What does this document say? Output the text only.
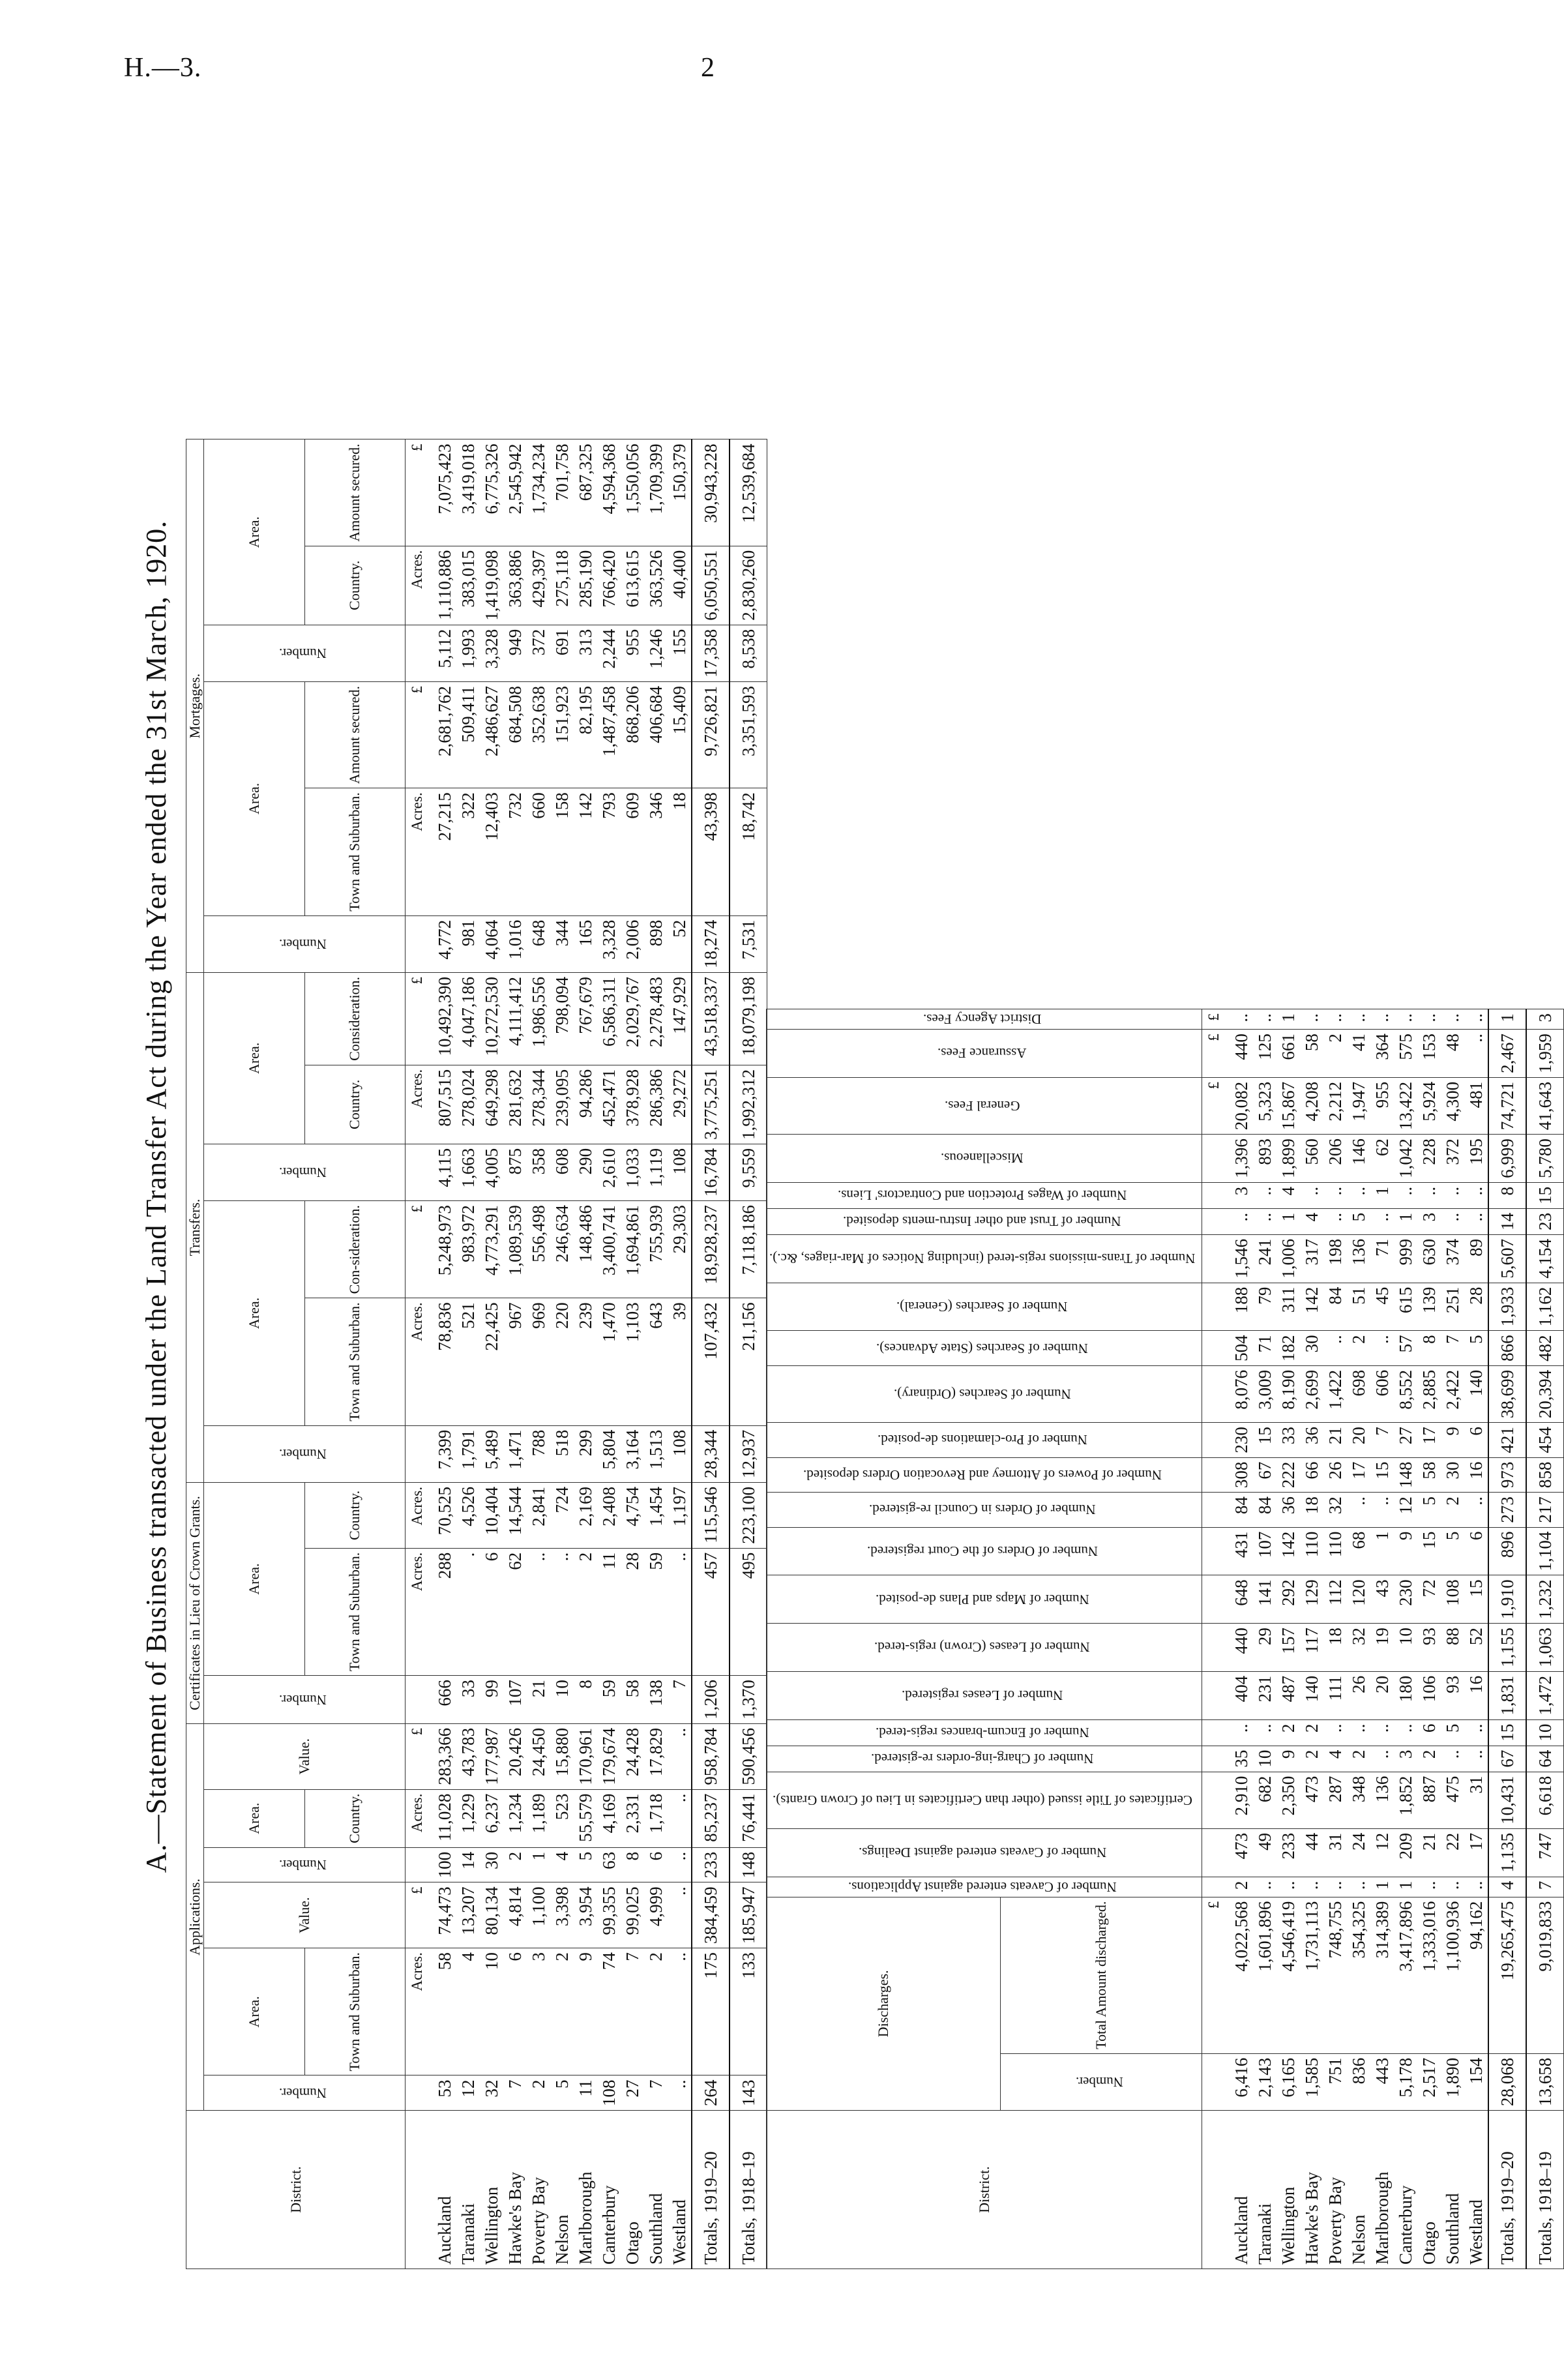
H.—3.	2
A.—Statement of Business transacted under the Land Transfer Act during the Year ended the 31st March, 1920.
District.	Applications.						Certificates in Lieu of Crown Grants.			Transfers.						Mortgages.					
	Number.	Area.	Value.	Number.	Area.	Value.	Number.	Area.		Number.	Area.		Number.	Area.		Number.	Area.		Number.	Area.	
		Town and Suburban.			Country.			Town and Suburban.	Country.		Town and Suburban.	Con-sideration.		Country.	Consideration.		Town and Suburban.	Amount secured.		Country.	Amount secured.
		Acres.	£		Acres.	£		Acres.	Acres.		Acres.	£		Acres.	£		Acres.	£		Acres.	£
Auckland	53	58	74,473	100	11,028	283,366	666	288	70,525	7,399	78,836	5,248,973	4,115	807,515	10,492,390	4,772	27,215	2,681,762	5,112	1,110,886	7,075,423
Taranaki	12	4	13,207	14	1,229	43,783	33	.	4,526	1,791	521	983,972	1,663	278,024	4,047,186	981	322	509,411	1,993	383,015	3,419,018
Wellington	32	10	80,134	30	6,237	177,987	99	6	10,404	5,489	22,425	4,773,291	4,005	649,298	10,272,530	4,064	12,403	2,486,627	3,328	1,419,098	6,775,326
Hawke's Bay	7	6	4,814	2	1,234	20,426	107	62	14,544	1,471	967	1,089,539	875	281,632	4,111,412	1,016	732	684,508	949	363,886	2,545,942
Poverty Bay	2	3	1,100	1	1,189	24,450	21	..	2,841	788	969	556,498	358	278,344	1,986,556	648	660	352,638	372	429,397	1,734,234
Nelson	5	2	3,398	4	523	15,880	10	..	724	518	220	246,634	608	239,095	798,094	344	158	151,923	691	275,118	701,758
Marlborough	11	9	3,954	5	55,579	170,961	8	2	2,169	299	239	148,486	290	94,286	767,679	165	142	82,195	313	285,190	687,325
Canterbury	108	74	99,355	63	4,169	179,674	59	11	2,408	5,804	1,470	3,400,741	2,610	452,471	6,586,311	3,328	793	1,487,458	2,244	766,420	4,594,368
Otago	27	7	99,025	8	2,331	24,428	58	28	4,754	3,164	1,103	1,694,861	1,033	378,928	2,029,767	2,006	609	868,206	955	613,615	1,550,056
Southland	7	2	4,999	6	1,718	17,829	138	59	1,454	1,513	643	755,939	1,119	286,386	2,278,483	898	346	406,684	1,246	363,526	1,709,399
Westland	..	..	..	..	..	..	7	..	1,197	108	39	29,303	108	29,272	147,929	52	18	15,409	155	40,400	150,379
Totals, 1919–20	264	175	384,459	233	85,237	958,784	1,206	457	115,546	28,344	107,432	18,928,237	16,784	3,775,251	43,518,337	18,274	43,398	9,726,821	17,358	6,050,551	30,943,228
Totals, 1918–19	143	133	185,947	148	76,441	590,456	1,370	495	223,100	12,937	21,156	7,118,186	9,559	1,992,312	18,079,198	7,531	18,742	3,351,593	8,538	2,830,260	12,539,684
District.	Discharges.		Number of Caveats entered against Applications.	Number of Caveats entered against Dealings.	Certificates of Title issued (other than Certificates in Lieu of Crown Grants).	Number of Charg-ing-orders re-gistered.	Number of Encum-brances regis-tered.	Number of Leases registered.	Number of Leases (Crown) regis-tered.	Number of Maps and Plans de-posited.	Number of Orders of the Court registered.	Number of Orders in Council re-gistered.	Number of Powers of Attorney and Revocation Orders deposited.	Number of Pro-clamations de-posited.	Number of Searches (Ordinary).	Number of Searches (State Advances).	Number of Searches (General).	Number of Trans-missions regis-tered (including Notices of Mar-riages, &c.).	Number of Trust and other Instru-ments deposited.	Number of Wages Protection and Contractors' Liens.	Miscellaneous.	General Fees.	Assurance Fees.	District Agency Fees.
	Number.	Total Amount discharged.																						
		£																				£	£	£
Auckland	6,416	4,022,568	2	473	2,910	35	..	404	440	648	431	84	308	230	8,076	504	188	1,546	..	3	1,396	20,082	440	..
Taranaki	2,143	1,601,896	..	49	682	10	..	231	29	141	107	84	67	15	3,009	71	79	241	..	..	893	5,323	125	..
Wellington	6,165	4,546,419	..	233	2,350	9	2	487	157	292	142	36	222	33	8,190	182	311	1,006	1	4	1,899	15,867	661	1
Hawke's Bay	1,585	1,731,113	..	44	473	2	2	140	117	129	110	18	66	36	2,699	30	142	317	4	..	560	4,208	58	..
Poverty Bay	751	748,755	..	31	287	4	..	111	18	112	110	32	26	21	1,422	..	84	198	..	..	206	2,212	2	..
Nelson	836	354,325	..	24	348	2	..	26	32	120	68	..	17	20	698	2	51	136	5	..	146	1,947	41	..
Marlborough	443	314,389	1	12	136	..	..	20	19	43	1	..	15	7	606	..	45	71	..	1	62	955	364	..
Canterbury	5,178	3,417,896	1	209	1,852	3	..	180	10	230	9	12	148	27	8,552	57	615	999	1	..	1,042	13,422	575	..
Otago	2,517	1,333,016	..	21	887	2	6	106	93	72	15	5	58	17	2,885	8	139	630	3	..	228	5,924	153	..
Southland	1,890	1,100,936	..	22	475	..	5	93	88	108	5	2	30	9	2,422	7	251	374	..	..	372	4,300	48	..
Westland	154	94,162	..	17	31	..	..	16	52	15	6	..	16	6	140	5	28	89	..	..	195	481	..	..
Totals, 1919–20	28,068	19,265,475	4	1,135	10,431	67	15	1,831	1,155	1,910	896	273	973	421	38,699	866	1,933	5,607	14	8	6,999	74,721	2,467	1
Totals, 1918–19	13,658	9,019,833	7	747	6,618	64	10	1,472	1,063	1,232	1,104	217	858	454	20,394	482	1,162	4,154	23	15	5,780	41,643	1,959	3
